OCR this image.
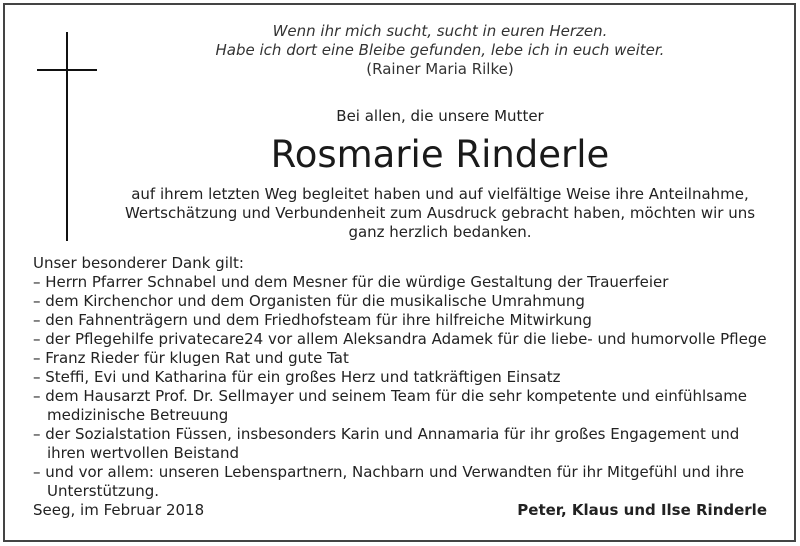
Wenn ihr mich sucht, sucht in euren Herzen.
Habe ich dort eine Bleibe gefunden, lebe ich in euch weiter.
(Rainer Maria Rilke)
Bei allen, die unsere Mutter
Rosmarie Rinderle
auf ihrem letzten Weg begleitet haben und auf vielfältige Weise ihre Anteilnahme,
Wertschätzung und Verbundenheit zum Ausdruck gebracht haben, möchten wir uns
ganz herzlich bedanken.
Unser besonderer Dank gilt:
– Herrn Pfarrer Schnabel und dem Mesner für die würdige Gestaltung der Trauerfeier
– dem Kirchenchor und dem Organisten für die musikalische Umrahmung
– den Fahnenträgern und dem Friedhofsteam für ihre hilfreiche Mitwirkung
– der Pflegehilfe privatecare24 vor allem Aleksandra Adamek für die liebe- und humorvolle Pflege
– Franz Rieder für klugen Rat und gute Tat
– Steffi, Evi und Katharina für ein großes Herz und tatkräftigen Einsatz
– dem Hausarzt Prof. Dr. Sellmayer und seinem Team für die sehr kompetente und einfühlsame
medizinische Betreuung
– der Sozialstation Füssen, insbesonders Karin und Annamaria für ihr großes Engagement und
ihren wertvollen Beistand
– und vor allem: unseren Lebenspartnern, Nachbarn und Verwandten für ihr Mitgefühl und ihre
Unterstützung.
Seeg, im Februar 2018	Peter, Klaus und Ilse Rinderle
